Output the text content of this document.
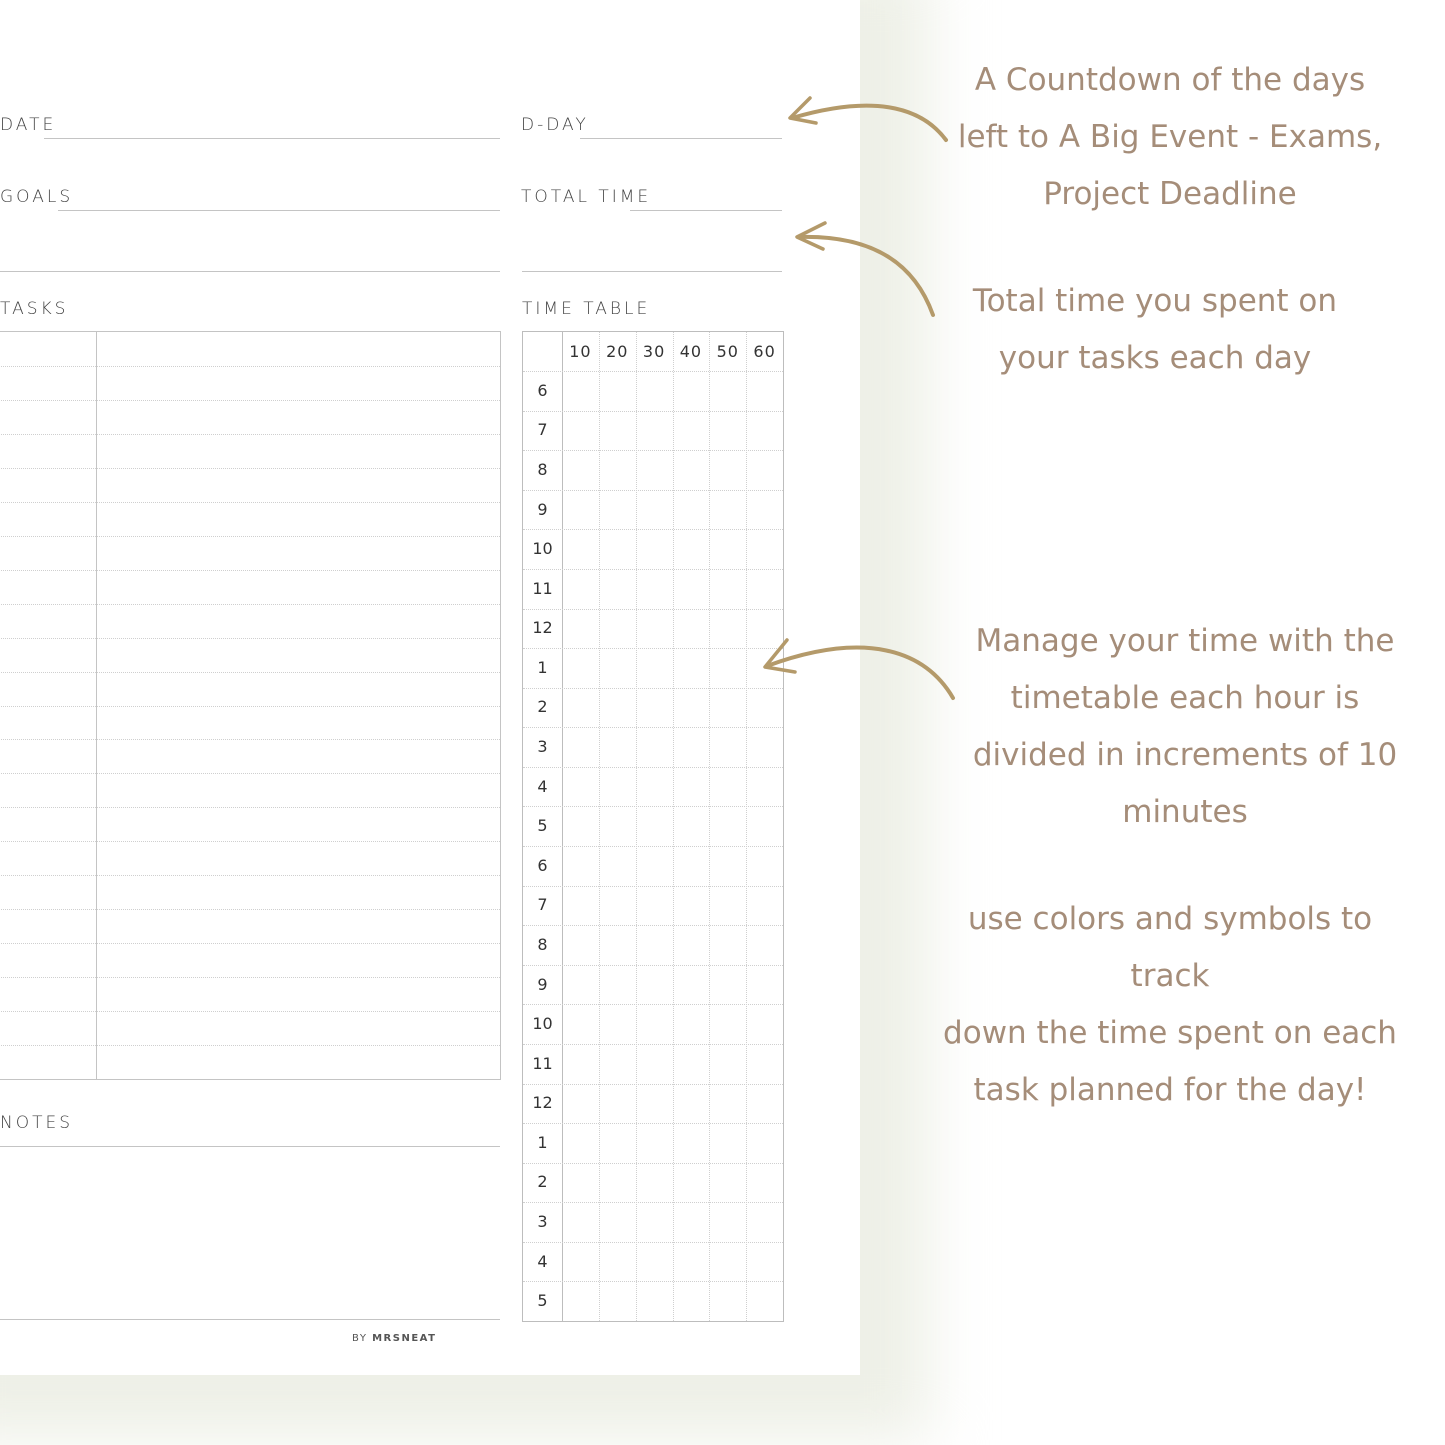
DATE	D-DAY
GOALS	TOTAL TIME
TASKS	TIME TABLE
10 20 30 40 50 60
6
7
8
9
10
11
12
1
2
3
4
5
6
7
8
9
10
11
12
1
2
3
4
5
NOTES
BY MRSNEAT
A Countdown of the days
left to A Big Event - Exams,
Project Deadline
Total time you spent on
your tasks each day
Manage your time with the
timetable each hour is
divided in increments of 10
minutes
use colors and symbols to track
down the time spent on each
task planned for the day!
